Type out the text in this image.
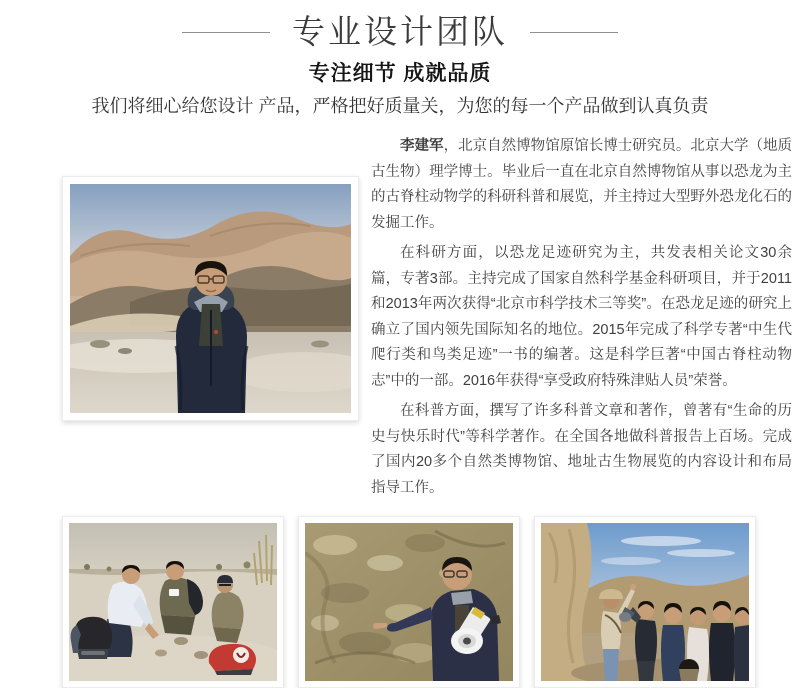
专业设计团队
专注细节 成就品质

我们将细心给您设计 产品，严格把好质量关，为您的每一个产品做到认真负责

李建军，北京自然博物馆原馆长博士研究员。北京大学（地质古生物）理学博士。毕业后一直在北京自然博物馆从事以恐龙为主的古脊柱动物学的科研科普和展览，并主持过大型野外恐龙化石的发掘工作。

在科研方面，以恐龙足迹研究为主，共发表相关论文30余篇，专著3部。主持完成了国家自然科学基金科研项目，并于2011和2013年两次获得“北京市科学技术三等奖”。在恐龙足迹的研究上确立了国内领先国际知名的地位。2015年完成了科学专著“中生代爬行类和鸟类足迹”一书的编著。这是科学巨著“中国古脊柱动物志”中的一部。2016年获得“享受政府特殊津贴人员”荣誉。

在科普方面，撰写了许多科普文章和著作，曾著有“生命的历史与快乐时代”等科学著作。在全国各地做科普报告上百场。完成了国内20多个自然类博物馆、地址古生物展览的内容设计和布局指导工作。
